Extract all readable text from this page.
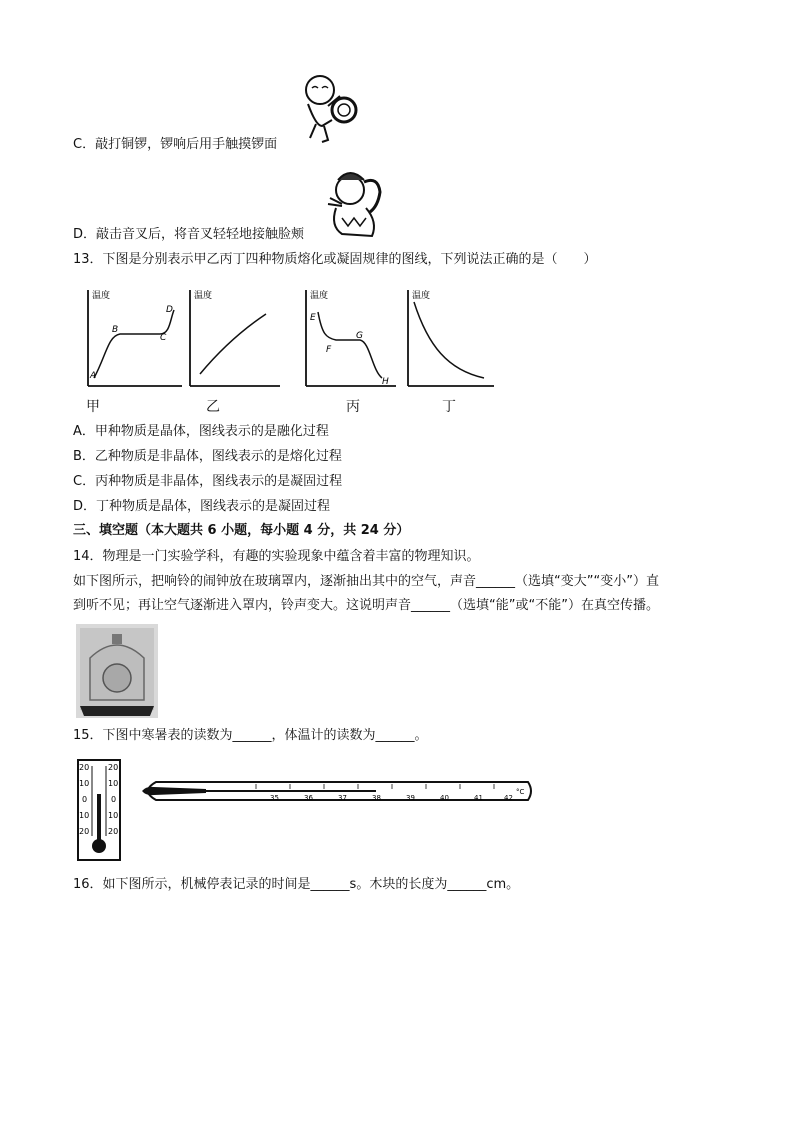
C．敲打铜锣，锣响后用手触摸锣面
D．敲击音叉后，将音叉轻轻地接触脸颊
13．下图是分别表示甲乙丙丁四种物质熔化或凝固规律的图线，下列说法正确的是（　　）
温度
A
B
C
D
甲
温度
乙
温度
E
F
G
H
丙
温度
丁
A．甲种物质是晶体，图线表示的是融化过程
B．乙种物质是非晶体，图线表示的是熔化过程
C．丙种物质是非晶体，图线表示的是凝固过程
D．丁种物质是晶体，图线表示的是凝固过程
三、填空题（本大题共 6 小题，每小题 4 分，共 24 分）
14．物理是一门实验学科，有趣的实验现象中蕴含着丰富的物理知识。
如下图所示，把响铃的闹钟放在玻璃罩内，逐渐抽出其中的空气，声音______（选填“变大”“变小”）直
到听不见；再让空气逐渐进入罩内，铃声变大。这说明声音______（选填“能”或“不能”）在真空传播。
15．下图中寒暑表的读数为______，体温计的读数为______。
20
10
0
10
20
20
10
0
10
20
35	36	37	38	39	40	41	42
°C
16．如下图所示，机械停表记录的时间是______s。木块的长度为______cm。
